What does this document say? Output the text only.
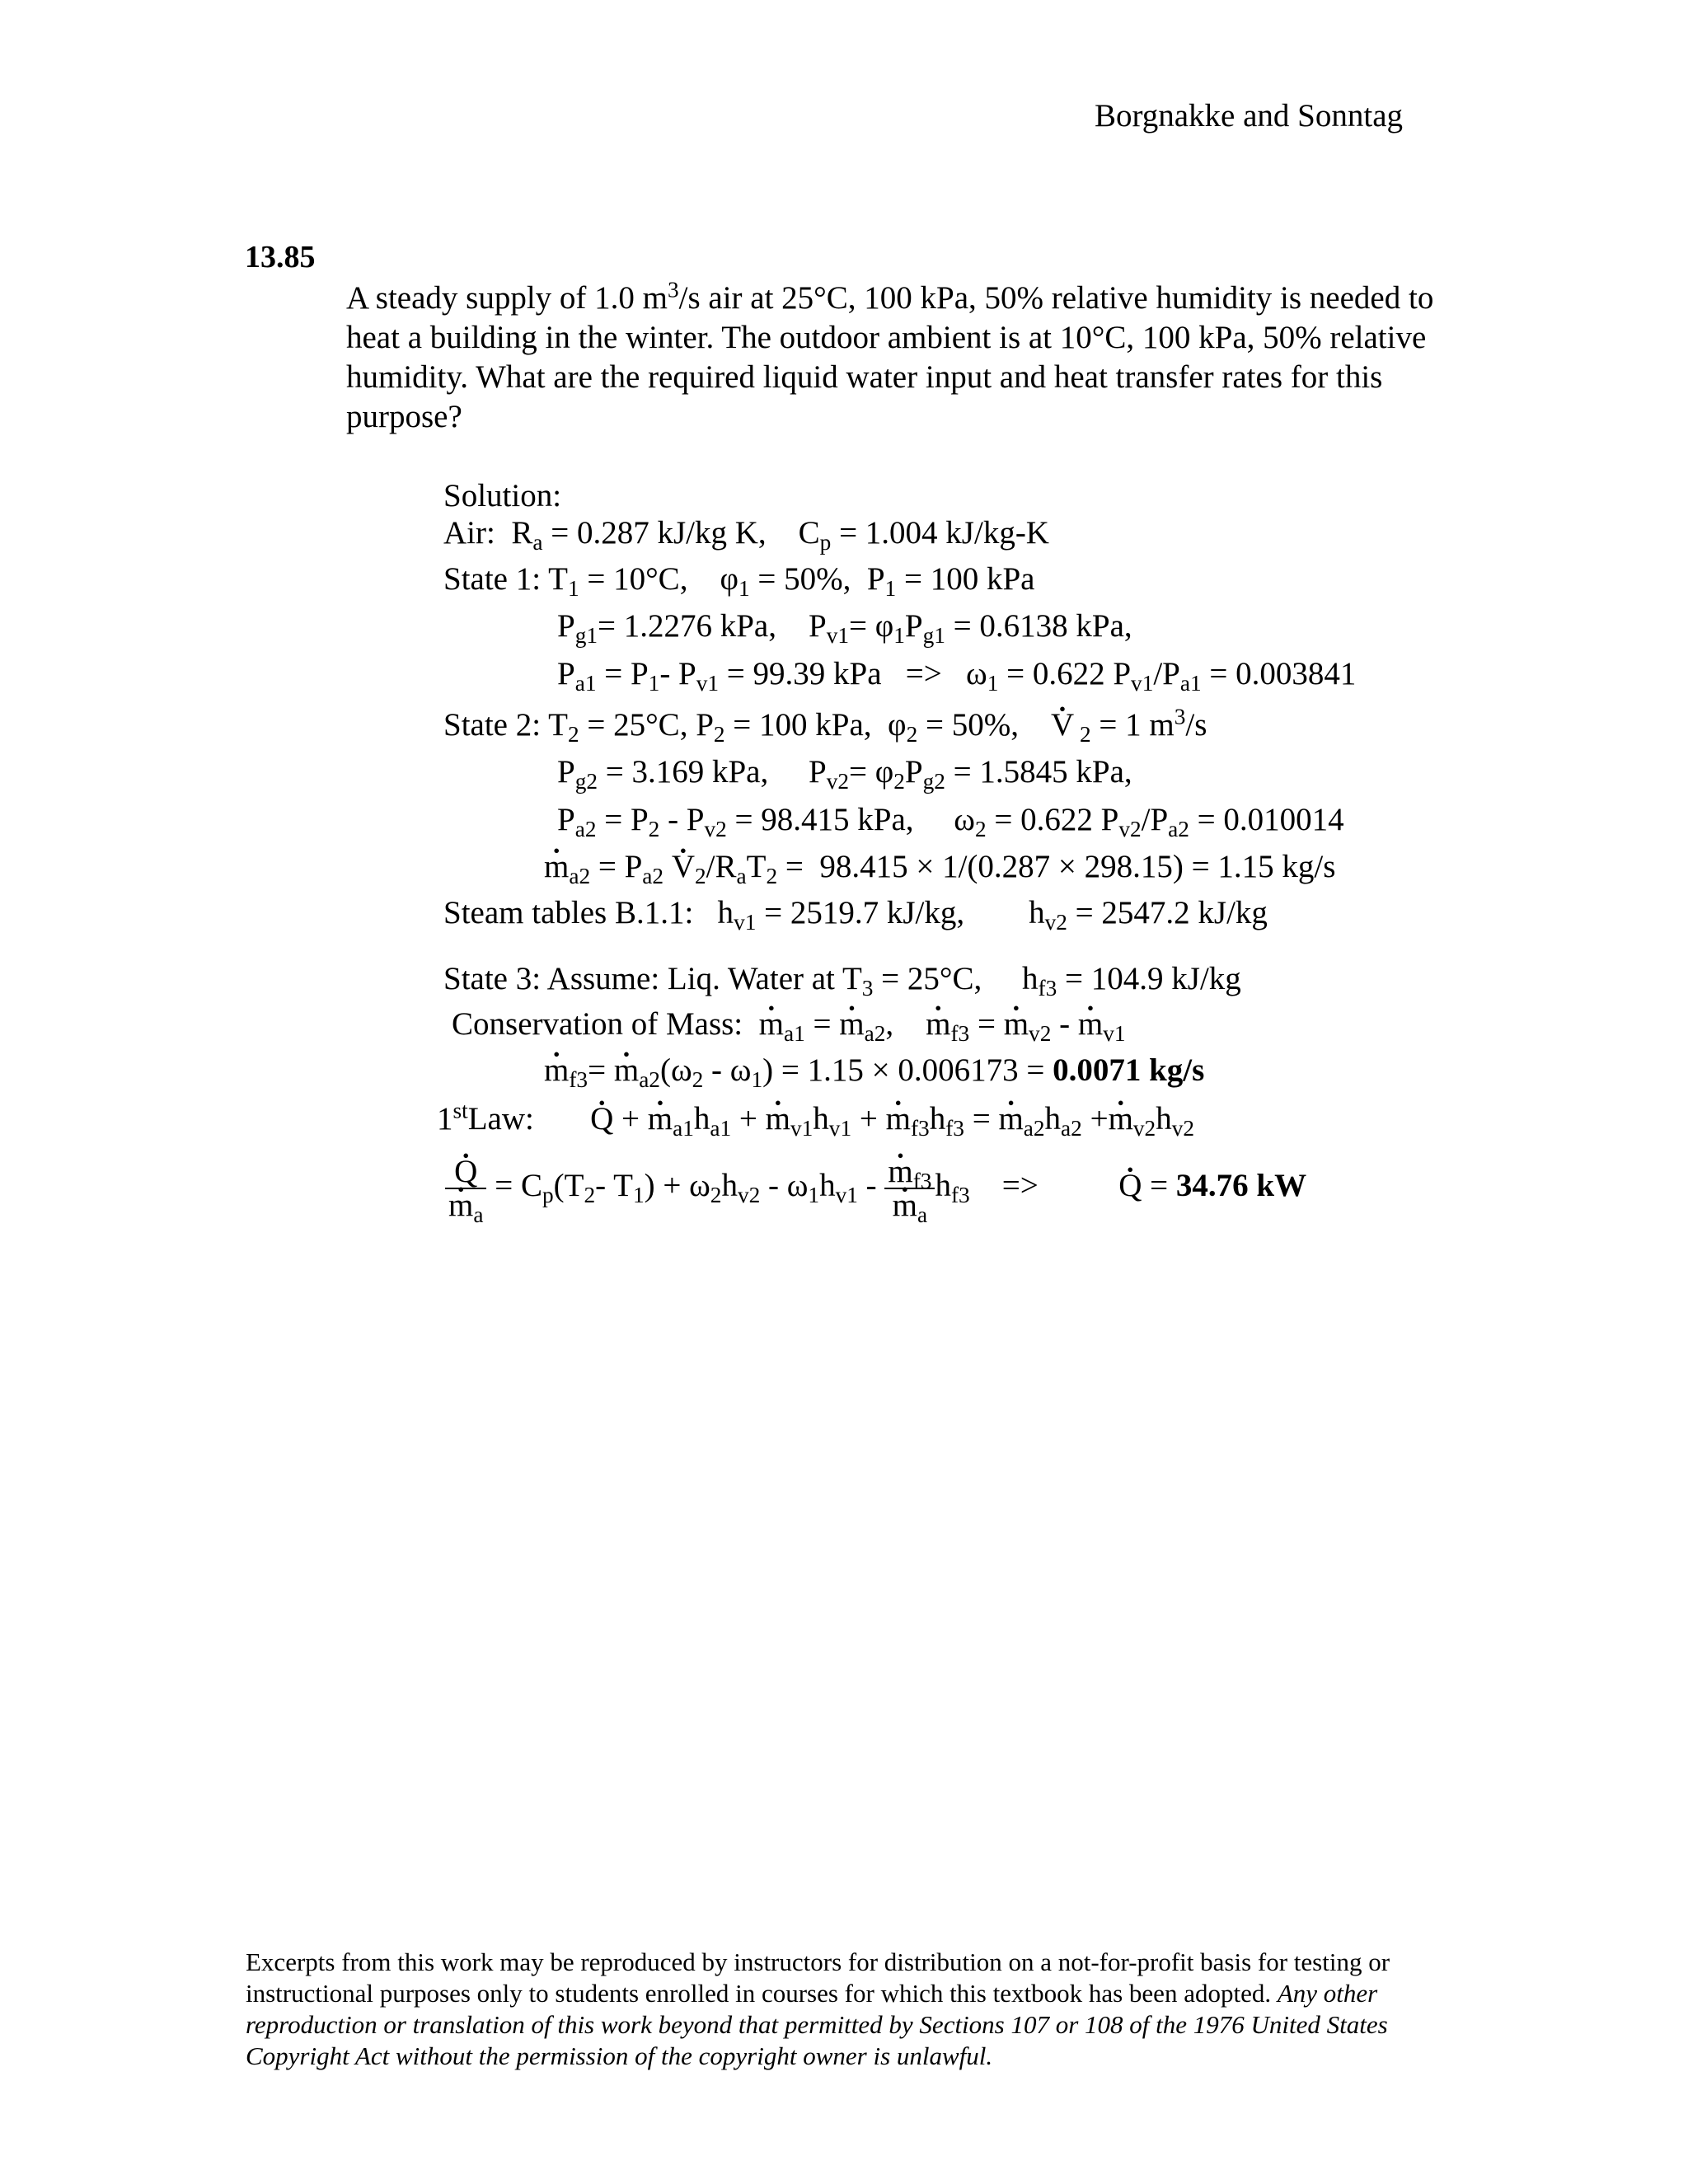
Borgnakke and Sonntag
13.85
A steady supply of 1.0 $m^3/s$ air at 25°C, 100 kPa, 50% relative humidity is needed to heat a building in the winter. The outdoor ambient is at 10°C, 100 kPa, 50% relative humidity. What are the required liquid water input and heat transfer rates for this purpose?
Solution:
Air:  $R_a = 0.287$ kJ/kg K,    $C_p = 1.004$ kJ/kg-K
State 1: $T_1 = 10^\circ C$,    $\varphi_1 = 50\%$,  $P_1 = 100$ kPa
$P_{g1}= 1.2276$ kPa,    $P_{v1}= \varphi_1P_{g1} = 0.6138$ kPa,
$P_{a1} = P_1-$ $P_{v1} = 99.39$ kPa   =>   $\omega_1 = 0.622$ $P_{v1}/P_{a1} = 0.003841$
State 2: $T_2 = 25^\circ C$, $P_2 = 100$ kPa,  $\varphi_2 = 50\%$,    • V $_2$ = 1 $m^3/s$
$P_{g2} = 3.169$ kPa,     $P_{v2}= \varphi_2P_{g2} = 1.5845$ kPa,
$P_{a2} = P_2 - P_{v2} = 98.415$ kPa,     $\omega_2 = 0.622$ $P_{v2}/P_{a2} = 0.010014$
• $m_{a2} = P_{a2}$ • $V_2/R_aT_2 = 98.415 \times 1/(0.287 \times 298.15) = 1.15$ kg/s
Steam tables B.1.1:   $h_{v1} = 2519.7$ kJ/kg,        $h_{v2} = 2547.2$ kJ/kg
State 3: Assume: Liq. Water at $T_3 = 25^\circ C$,     $h_{f3} = 104.9$ kJ/kg
Conservation of Mass:  • $m_{a1}$ = • $m_{a2}$,    • $m_{f3}$ = • $m_{v2}$ - • $m_{v1}$
• $m_{f3}=$ • $m_{a2}(\omega_2 - \omega_1) = 1.15 \times 0.006173 = 0.0071$ kg/s
1stLaw:       • Q + • $m_{a1}h_{a1}$ + • $m_{v1}h_{v1}$ + • $m_{f3}h_{f3}$ = • $m_{a2}h_{a2}$ +• $m_{v2}h_{v2}$
• Q
• $m_a = C_p(T_2-$ $T_1) + \omega_2h_{v2} - \omega_1h_{v1}$ - • $m_{f3}$
• $m_a$ $h_{f3}$    =>          • Q = 34.76 kW
Excerpts from this work may be reproduced by instructors for distribution on a not-for-profit basis for testing or instructional purposes only to students enrolled in courses for which this textbook has been adopted. Any other reproduction or translation of this work beyond that permitted by Sections 107 or 108 of the 1976 United States Copyright Act without the permission of the copyright owner is unlawful.
